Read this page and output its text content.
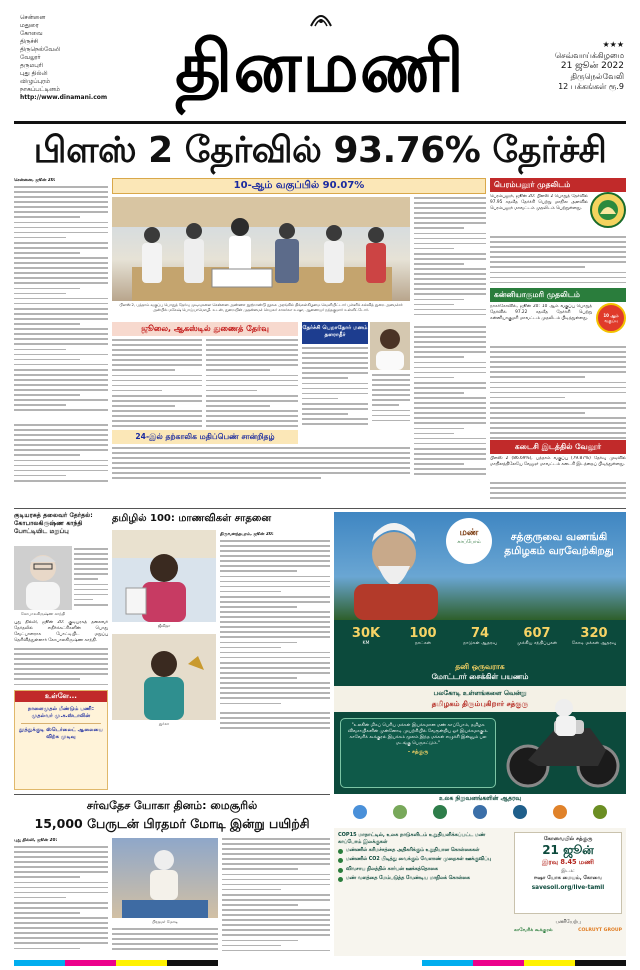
சென்னை
மதுரை
கோவை
திருச்சி
திருநெல்வேலி
வேலூர்
தருமபுரி
புது தில்லி
விழுப்புரம்
நாகப்பட்டினம்
http://www.dinamani.com தினமணி	★★★
செவ்வாய்க்கிழமை
21 ஜூன் 2022
திருநெல்வேலி
12 பக்கங்கள் ரூ.9
பிளஸ் 2 தேர்வில் 93.76% தேர்ச்சி
சென்னை, ஜூன் 20:	10-ஆம் வகுப்பில் 90.07%
பிளஸ் 2, பத்தாம் வகுப்பு பொதுத் தேர்வு முடிவுகளை சென்னை அண்ணா நூற்றாண்டு நூலக அரங்கில் திங்கள்கிழமை வெளியிட்டார் பள்ளிக் கல்வித் துறை அமைச்சர் அன்பில் மகேஷ் பொய்யாமொழி. உடன், துறையின் முதன்மைச் செயலர் காகர்லா உஷா, ஆணையர் நந்தகுமார் உள்ளிட்டோர்.
ஜூலை, ஆகஸ்டில் துணைத் தேர்வு	தேர்ச்சி பெறாதோர் மனம் தளராதீர்
24-இல் தற்காலிக மதிப்பெண் சான்றிதழ்
பெரம்பலூர் முதலிடம்
பெரம்பலூர், ஜூன் 20: பிளஸ் 2 பொதுத் தேர்வில் 97.95 சதவீத தேர்ச்சி பெற்று மாநில அளவில் பெரம்பலூர் மாவட்டம் முதலிடம் பெற்றுள்ளது.
கன்னியாகுமரி முதலிடம்
10 ஆம் வகுப்பு
நாகர்கோவில், ஜூன் 20: 10 ஆம் வகுப்பு பொதுத் தேர்வில் 97.22 சதவீத தேர்ச்சி பெற்று கன்னியாகுமரி மாவட்டம் முதலிடம் பிடித்துள்ளது.
கடைசி இடத்தில் வேலூர்
பிளஸ் 2 (86.69%), பத்தாம் வகுப்பு (79.87%) தேர்வு முடிவில் மாநிலத்திலேயே வேலூர் மாவட்டம் கடைசி இடத்தைப் பிடித்துள்ளது.
குடியரசுத் தலைவர் தேர்தல்: கோபாலகிருஷ்ண காந்தி போட்டியிட மறுப்பு
கோபாலகிருஷ்ண காந்தி
புது தில்லி, ஜூன் 20: குடியரசுத் தலைவர் தேர்தலில் எதிர்க்கட்சிகளின் பொது வேட்பாளராக போட்டியிட மறுப்பு தெரிவித்துள்ளார் கோபாலகிருஷ்ண காந்தி.
உள்ளே...
நாளைமுதல் மீண்டும் பணி: முதல்வர் மு.க.ஸ்டாலின்
தூத்துக்குடி ஸ்டெர்லைட் ஆலையை விற்க முடிவு
தமிழில் 100: மாணவிகள் சாதனை
ஜீவிதா
திருவனந்தபுரம், ஜூன் 20:
துர்கா
சர்வதேச யோகா தினம்: மைசூரில்
15,000 பேருடன் பிரதமர் மோடி இன்று பயிற்சி
புது தில்லி, ஜூன் 20:
பிரதமர் மோடி
மண்
காப்போம்	சத்குருவை வணங்கி தமிழகம் வரவேற்கிறது
30K
KM
100
நாட்கள்
74
நாடுகள் ஆதரவு
607
முக்கிய சந்திப்புகள்
320
கோடி மக்கள் ஆதரவு
தனி ஒருவராக
மோட்டார் சைக்கிள் பயணம்
பலகோடி உள்ளங்களை வென்று
தமிழகம் திரும்புகிறார் சத்குரு
"உலகின் மிகப் பெரிய மக்கள் இயக்கமான மண் காப்போம், தமிழக விவசாயிகளின் முன்னோடி முயற்சியில் வேரூன்றிய ஓர் இயக்கமாகும். காவேரிக் கூக்குரல் இயக்கம் மூலம் இந்த மக்கள் எழுச்சி இன்னும் பல மடங்கு பெருகட்டும்."
- சத்குரு
உலக நிறுவனங்களின் ஆதரவு
COP15 மாநாட்டில், உலக நாடுகளிடம் உறுதியளிக்கப்பட்ட மண் காப்போம் இலக்குகள்
மண்ணில் கரிமச்சத்தை அதிகரிக்கும் உறுதியான கொள்கைகள்
மண்ணில் CO2 பிடித்து வைக்கும் வேளாண் முறைகள் ஊக்குவிப்பு
விவசாய நிலத்தில் கார்பன் ஊக்கத்தொகை
மண் வளத்தை மேம்படுத்த வேண்டிய மாநிலக் கொள்கை
கோவையில் சத்குரு
21 ஜூன்
இரவு 8.45 மணி
இடம்:
ஈஷா யோக மையம், கோவை
savesoil.org/live-tamil
பணியேற்பு
காவேரிக் கூக்குரல்	COLRUYT GROUP
